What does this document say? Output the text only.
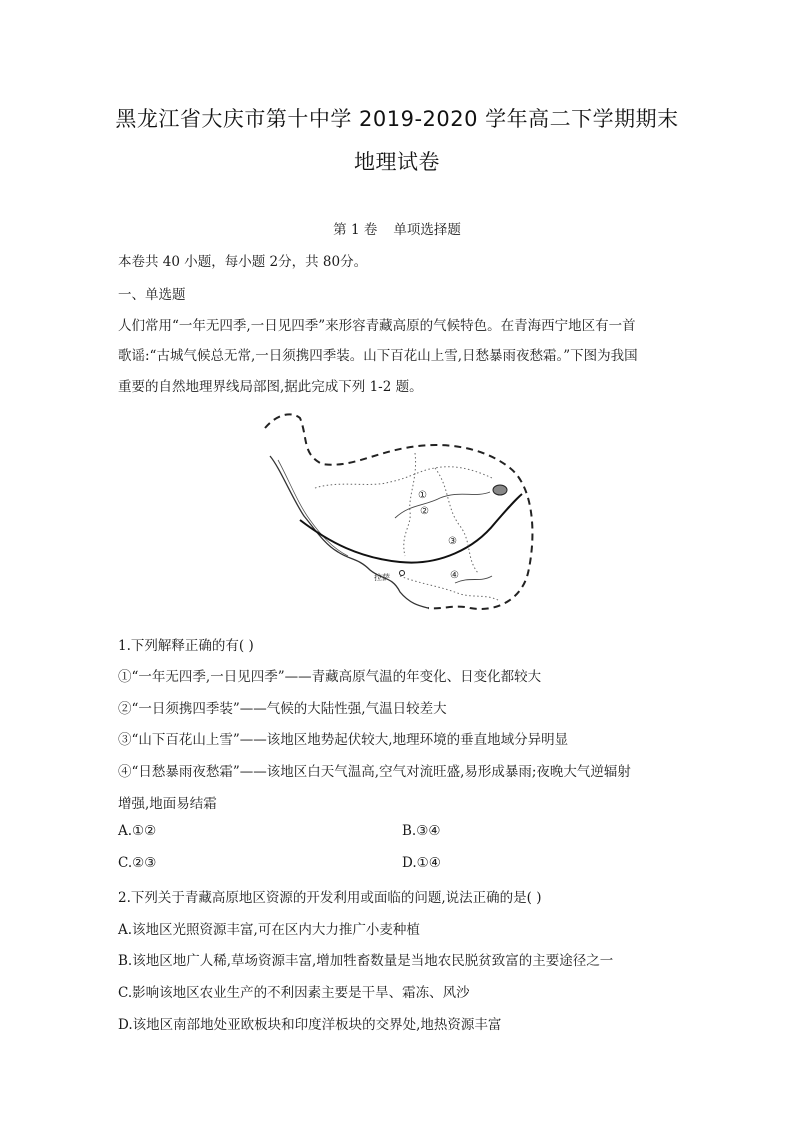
黑龙江省大庆市第十中学 2019-2020 学年高二下学期期末
地理试卷
第 1 卷 单项选择题
本卷共 40 小题，每小题 2分，共 80分。
一、单选题
人们常用“一年无四季,一日见四季”来形容青藏高原的气候特色。在青海西宁地区有一首
歌谣:“古城气候总无常,一日须携四季装。山下百花山上雪,日愁暴雨夜愁霜。”下图为我国
重要的自然地理界线局部图,据此完成下列 1-2 题。
①
②
③
④
拉萨
1.下列解释正确的有( )
①“一年无四季,一日见四季”——青藏高原气温的年变化、日变化都较大
②“一日须携四季装”——气候的大陆性强,气温日较差大
③“山下百花山上雪”——该地区地势起伏较大,地理环境的垂直地域分异明显
④“日愁暴雨夜愁霜”——该地区白天气温高,空气对流旺盛,易形成暴雨;夜晚大气逆辐射
增强,地面易结霜
A.①②	B.③④
C.②③	D.①④
2.下列关于青藏高原地区资源的开发利用或面临的问题,说法正确的是( )
A.该地区光照资源丰富,可在区内大力推广小麦种植
B.该地区地广人稀,草场资源丰富,增加牲畜数量是当地农民脱贫致富的主要途径之一
C.影响该地区农业生产的不利因素主要是干旱、霜冻、风沙
D.该地区南部地处亚欧板块和印度洋板块的交界处,地热资源丰富
